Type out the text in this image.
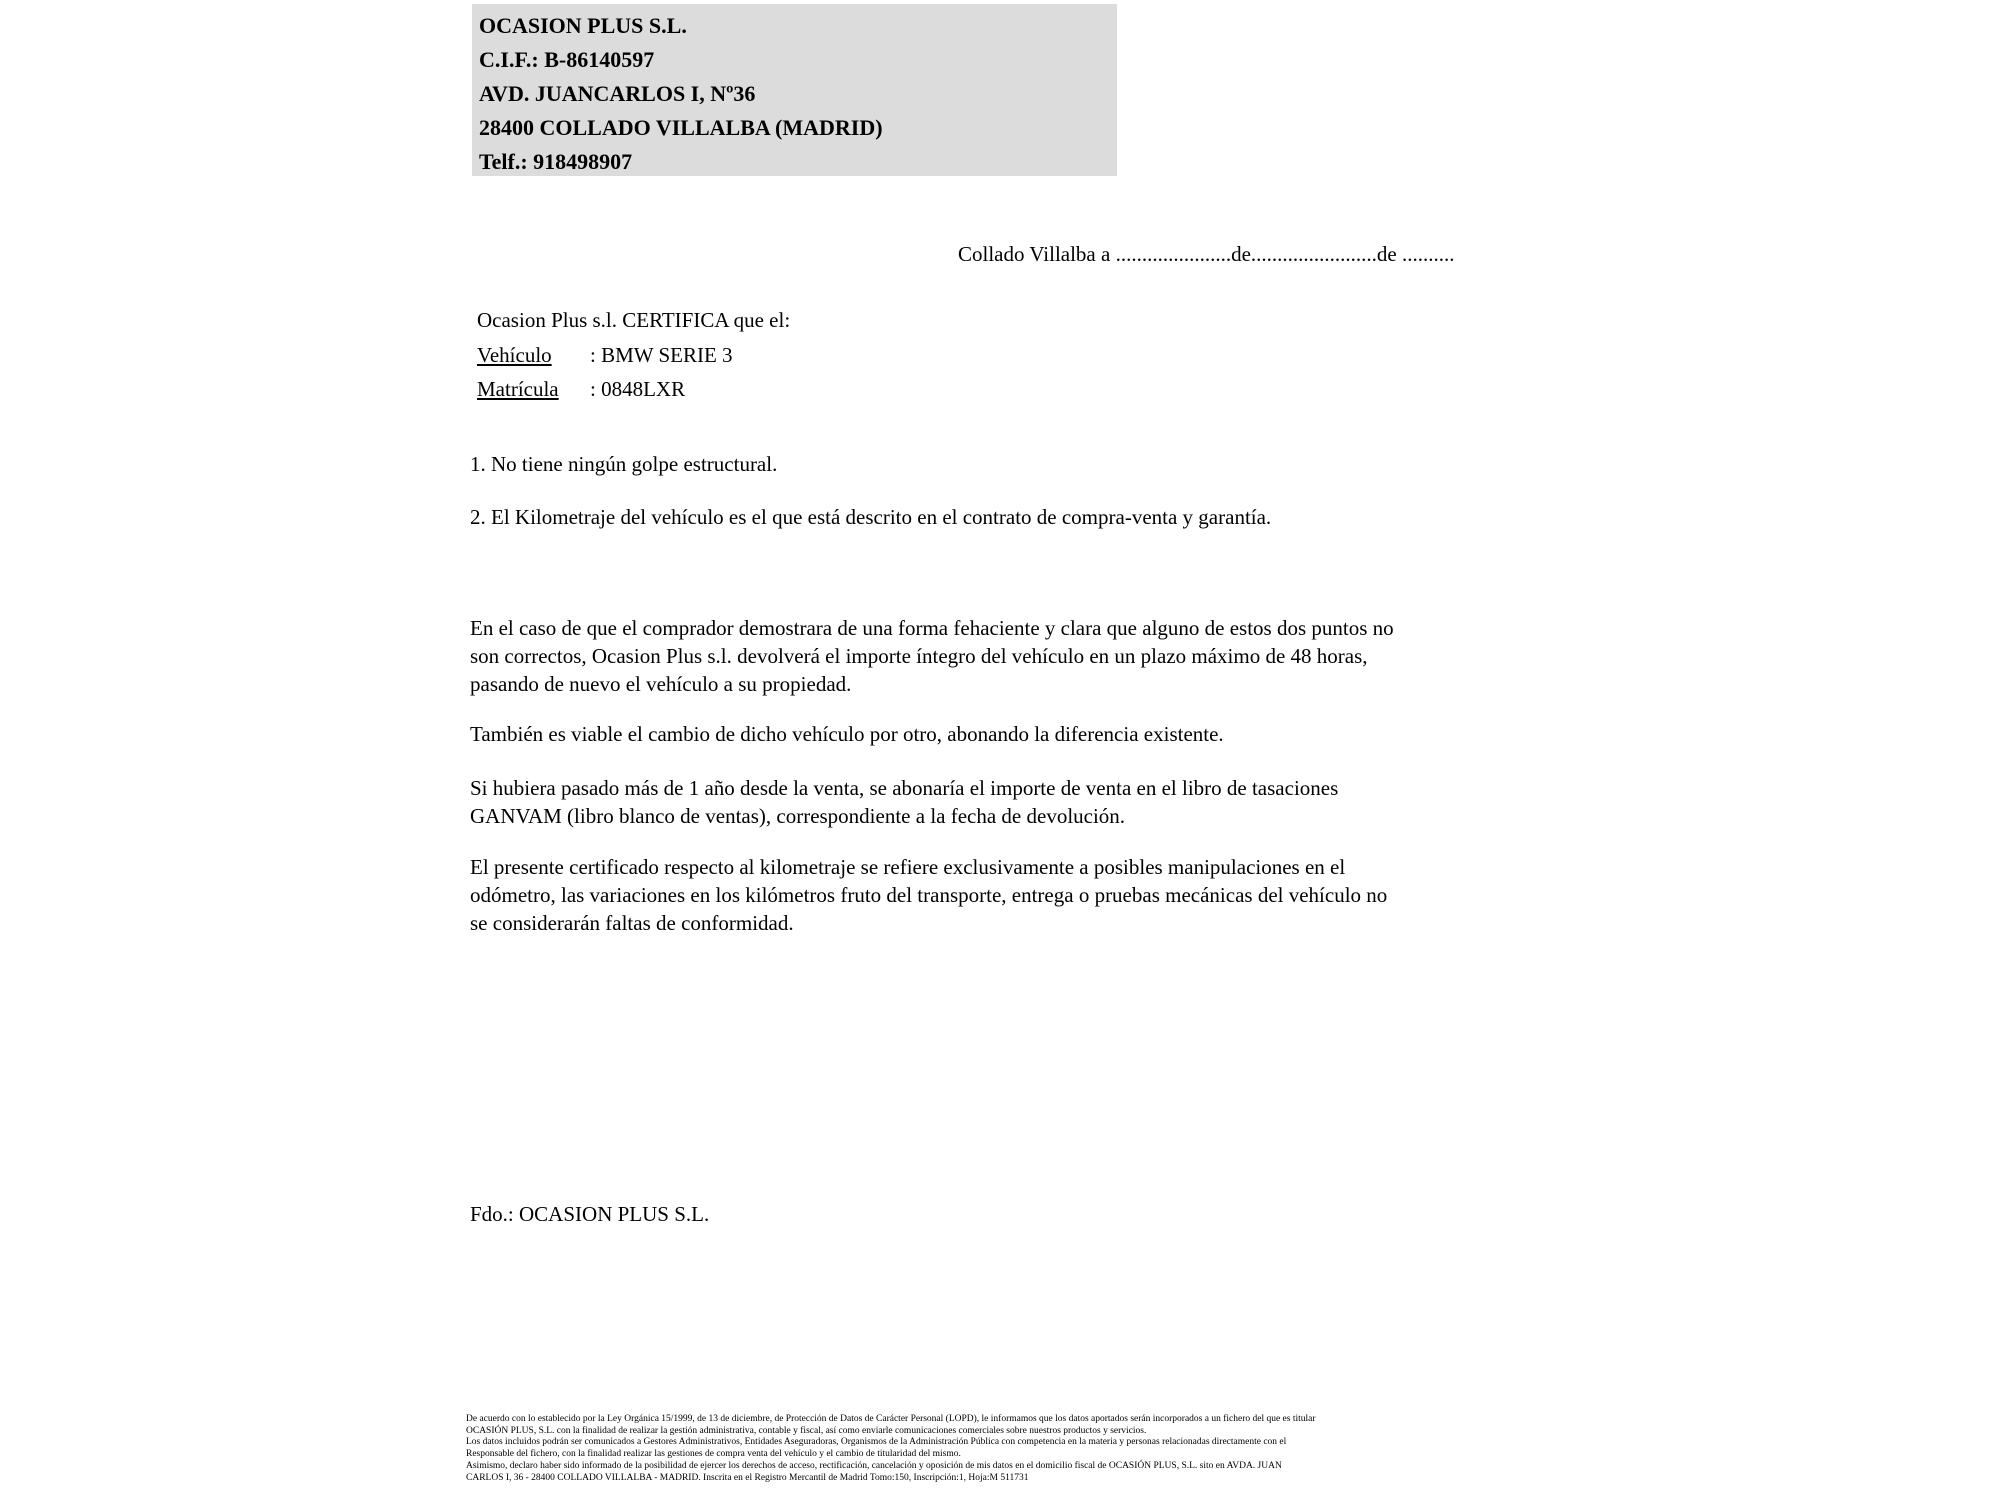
OCASION PLUS S.L.
C.I.F.: B-86140597
AVD. JUANCARLOS I, Nº36
28400 COLLADO VILLALBA (MADRID)
Telf.: 918498907
Collado Villalba a ......................de........................de ..........
Ocasion Plus s.l. CERTIFICA que el:
Vehículo : BMW SERIE 3
Matrícula : 0848LXR
1. No tiene ningún golpe estructural.
2. El Kilometraje del vehículo es el que está descrito en el contrato de compra-venta y garantía.
En el caso de que el comprador demostrara de una forma fehaciente y clara que alguno de estos dos puntos no
son correctos, Ocasion Plus s.l. devolverá el importe íntegro del vehículo en un plazo máximo de 48 horas,
pasando de nuevo el vehículo a su propiedad.
También es viable el cambio de dicho vehículo por otro, abonando la diferencia existente.
Si hubiera pasado más de 1 año desde la venta, se abonaría el importe de venta en el libro de tasaciones
GANVAM (libro blanco de ventas), correspondiente a la fecha de devolución.
El presente certificado respecto al kilometraje se refiere exclusivamente a posibles manipulaciones en el
odómetro, las variaciones en los kilómetros fruto del transporte, entrega o pruebas mecánicas del vehículo no
se considerarán faltas de conformidad.
Fdo.: OCASION PLUS S.L.
De acuerdo con lo establecido por la Ley Orgánica 15/1999, de 13 de diciembre, de Protección de Datos de Carácter Personal (LOPD), le informamos que los datos aportados serán incorporados a un fichero del que es titular
OCASIÓN PLUS, S.L. con la finalidad de realizar la gestión administrativa, contable y fiscal, así como enviarle comunicaciones comerciales sobre nuestros productos y servicios.
Los datos incluidos podrán ser comunicados a Gestores Administrativos, Entidades Aseguradoras, Organismos de la Administración Pública con competencia en la materia y personas relacionadas directamente con el
Responsable del fichero, con la finalidad realizar las gestiones de compra venta del vehículo y el cambio de titularidad del mismo.
Asimismo, declaro haber sido informado de la posibilidad de ejercer los derechos de acceso, rectificación, cancelación y oposición de mis datos en el domicilio fiscal de OCASIÓN PLUS, S.L. sito en AVDA. JUAN
CARLOS I, 36 - 28400 COLLADO VILLALBA - MADRID. Inscrita en el Registro Mercantil de Madrid Tomo:150, Inscripción:1, Hoja:M 511731
